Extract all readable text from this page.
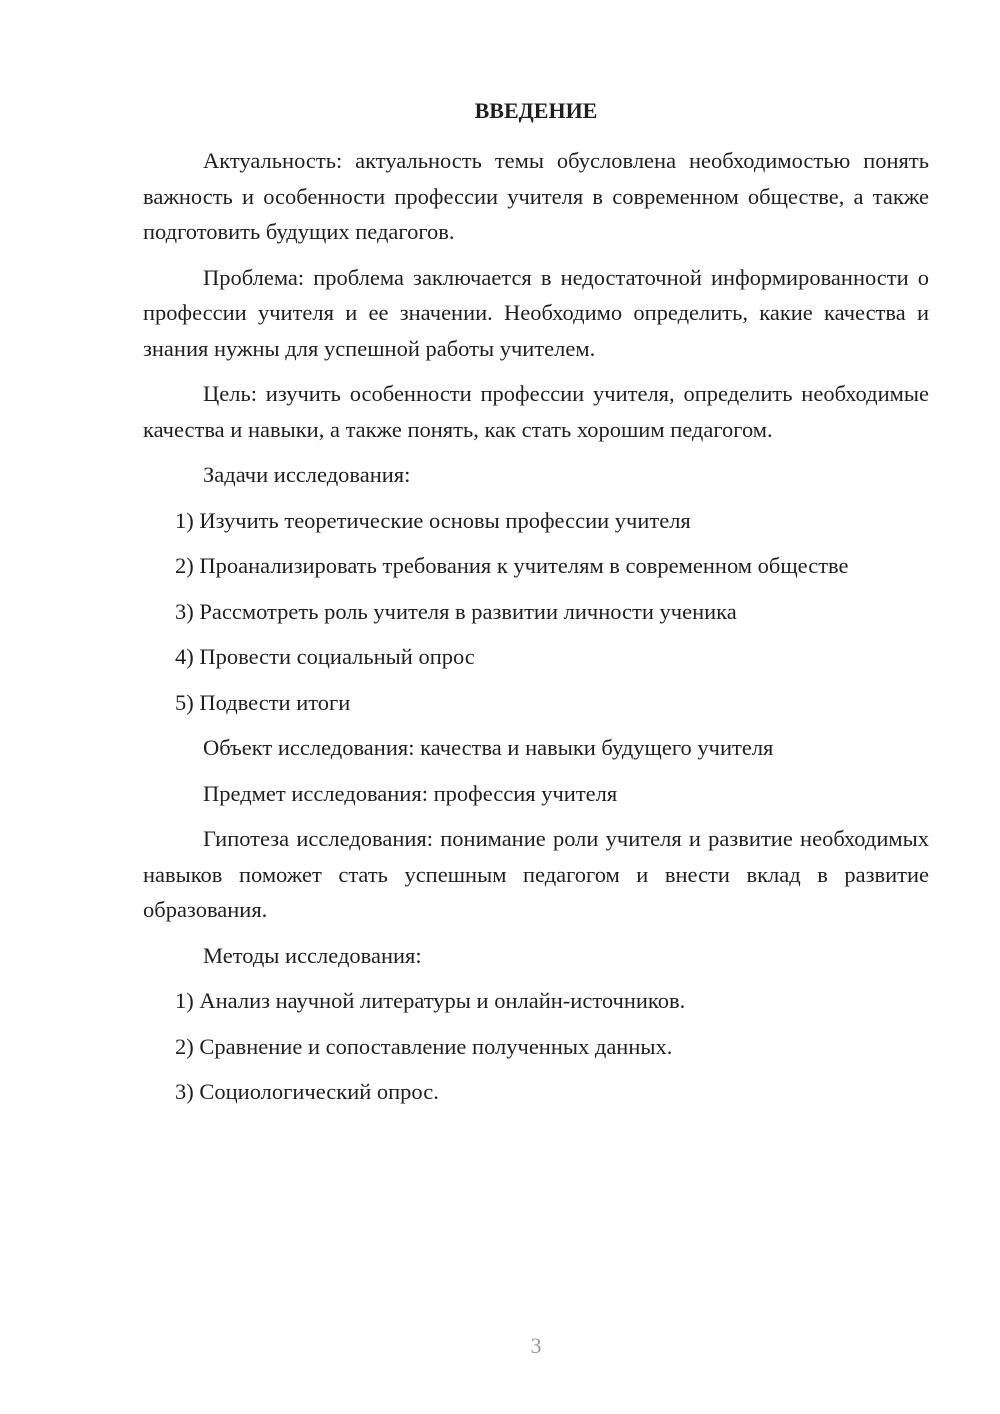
ВВЕДЕНИЕ

Актуальность: актуальность темы обусловлена необходимостью понять важность и особенности профессии учителя в современном обществе, а также подготовить будущих педагогов.

Проблема: проблема заключается в недостаточной информированности о профессии учителя и ее значении. Необходимо определить, какие качества и знания нужны для успешной работы учителем.

Цель: изучить особенности профессии учителя, определить необходимые качества и навыки, а также понять, как стать хорошим педагогом.

Задачи исследования:

1) Изучить теоретические основы профессии учителя
2) Проанализировать требования к учителям в современном обществе
3) Рассмотреть роль учителя в развитии личности ученика
4) Провести социальный опрос
5) Подвести итоги

Объект исследования: качества и навыки будущего учителя

Предмет исследования: профессия учителя

Гипотеза исследования: понимание роли учителя и развитие необходимых навыков поможет стать успешным педагогом и внести вклад в развитие образования.

Методы исследования:

1) Анализ научной литературы и онлайн-источников.
2) Сравнение и сопоставление полученных данных.
3) Социологический опрос.
3
